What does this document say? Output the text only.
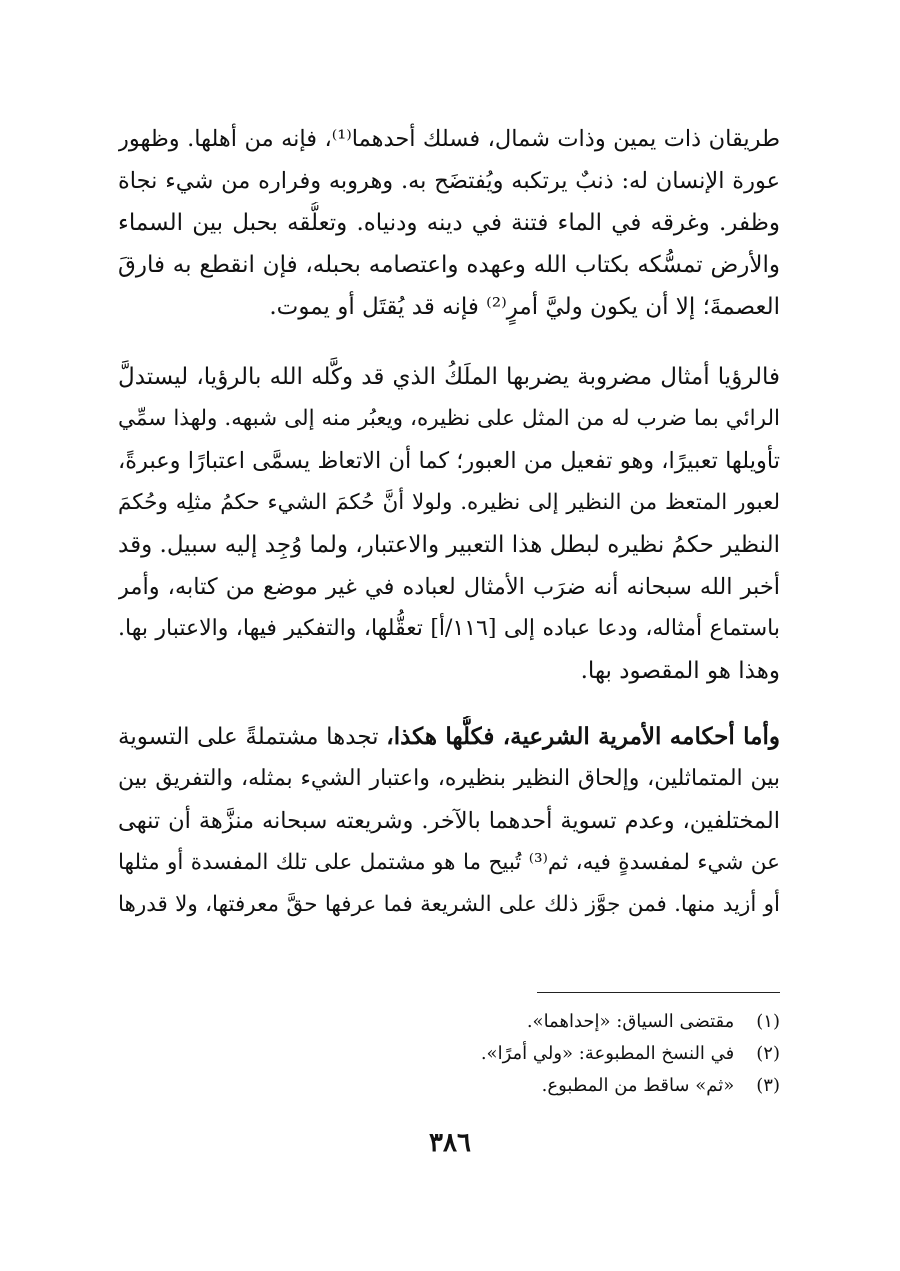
طريقان ذات يمين وذات شمال، فسلك أحدهما⁽¹⁾، فإنه من أهلها. وظهور
عورة الإنسان له: ذنبٌ يرتكبه ويُفتضَح به. وهروبه وفراره من شيء نجاة
وظفر. وغرقه في الماء فتنة في دينه ودنياه. وتعلُّقه بحبل بين السماء
والأرض تمسُّكه بكتاب الله وعهده واعتصامه بحبله، فإن انقطع به فارقَ
العصمةَ؛ إلا أن يكون وليَّ أمرٍ⁽²⁾ فإنه قد يُقتَل أو يموت.
فالرؤيا أمثال مضروبة يضربها الملَكُ الذي قد وكَّله الله بالرؤيا، ليستدلَّ
الرائي بما ضرب له من المثل على نظيره، ويعبُر منه إلى شبهه. ولهذا سمِّي
تأويلها تعبيرًا، وهو تفعيل من العبور؛ كما أن الاتعاظ يسمَّى اعتبارًا وعبرةً،
لعبور المتعظ من النظير إلى نظيره. ولولا أنَّ حُكمَ الشيء حكمُ مثلِه وحُكمَ
النظير حكمُ نظيره لبطل هذا التعبير والاعتبار، ولما وُجِد إليه سبيل. وقد
أخبر الله سبحانه أنه ضرَب الأمثال لعباده في غير موضع من كتابه، وأمر
باستماع أمثاله، ودعا عباده إلى [١١٦/أ] تعقُّلها، والتفكير فيها، والاعتبار بها.
وهذا هو المقصود بها.
وأما أحكامه الأمرية الشرعية، فكلُّها هكذا، تجدها مشتملةً على التسوية
بين المتماثلين، وإلحاق النظير بنظيره، واعتبار الشيء بمثله، والتفريق بين
المختلفين، وعدم تسوية أحدهما بالآخر. وشريعته سبحانه منزَّهة أن تنهى
عن شيء لمفسدةٍ فيه، ثم⁽³⁾ تُبيح ما هو مشتمل على تلك المفسدة أو مثلها
أو أزيد منها. فمن جوَّز ذلك على الشريعة فما عرفها حقَّ معرفتها، ولا قدرها
(١) مقتضى السياق: «إحداهما».
(٢) في النسخ المطبوعة: «ولي أمرًا».
(٣) «ثم» ساقط من المطبوع.
٣٨٦
